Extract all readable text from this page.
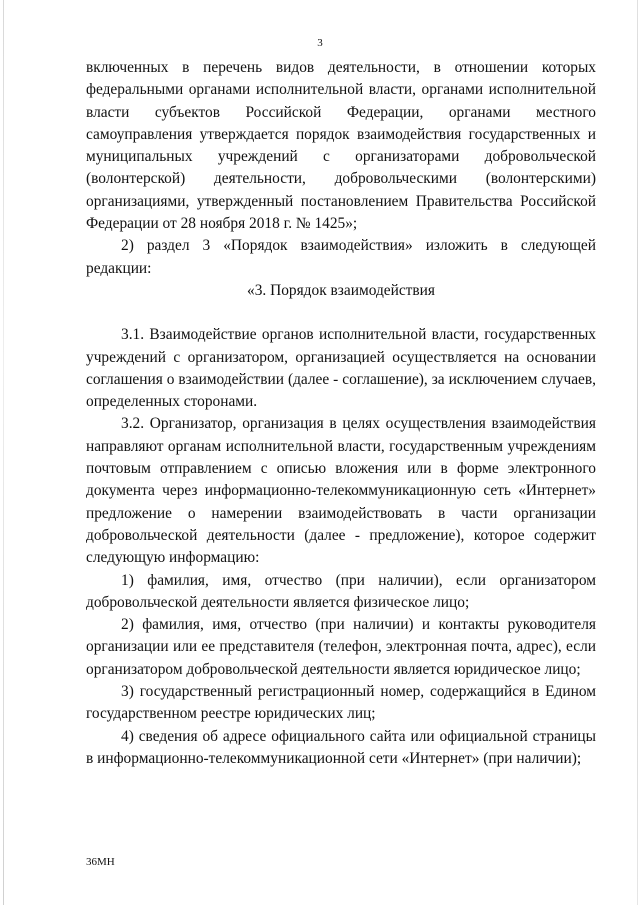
3

включенных в перечень видов деятельности, в отношении которых федеральными органами исполнительной власти, органами исполнительной власти субъектов Российской Федерации, органами местного самоуправления утверждается порядок взаимодействия государственных и муниципальных учреждений с организаторами добровольческой (волонтерской) деятельности, добровольческими (волонтерскими) организациями, утвержденный постановлением Правительства Российской Федерации от 28 ноября 2018 г. № 1425»;

2) раздел 3 «Порядок взаимодействия» изложить в следующей редакции:

«3. Порядок взаимодействия

3.1. Взаимодействие органов исполнительной власти, государственных учреждений с организатором, организацией осуществляется на основании соглашения о взаимодействии (далее - соглашение), за исключением случаев, определенных сторонами.

3.2. Организатор, организация в целях осуществления взаимодействия направляют органам исполнительной власти, государственным учреждениям почтовым отправлением с описью вложения или в форме электронного документа через информационно-телекоммуникационную сеть «Интернет» предложение о намерении взаимодействовать в части организации добровольческой деятельности (далее - предложение), которое содержит следующую информацию:

1) фамилия, имя, отчество (при наличии), если организатором добровольческой деятельности является физическое лицо;

2) фамилия, имя, отчество (при наличии) и контакты руководителя организации или ее представителя (телефон, электронная почта, адрес), если организатором добровольческой деятельности является юридическое лицо;

3) государственный регистрационный номер, содержащийся в Едином государственном реестре юридических лиц;

4) сведения об адресе официального сайта или официальной страницы в информационно-телекоммуникационной сети «Интернет» (при наличии);

36МН
